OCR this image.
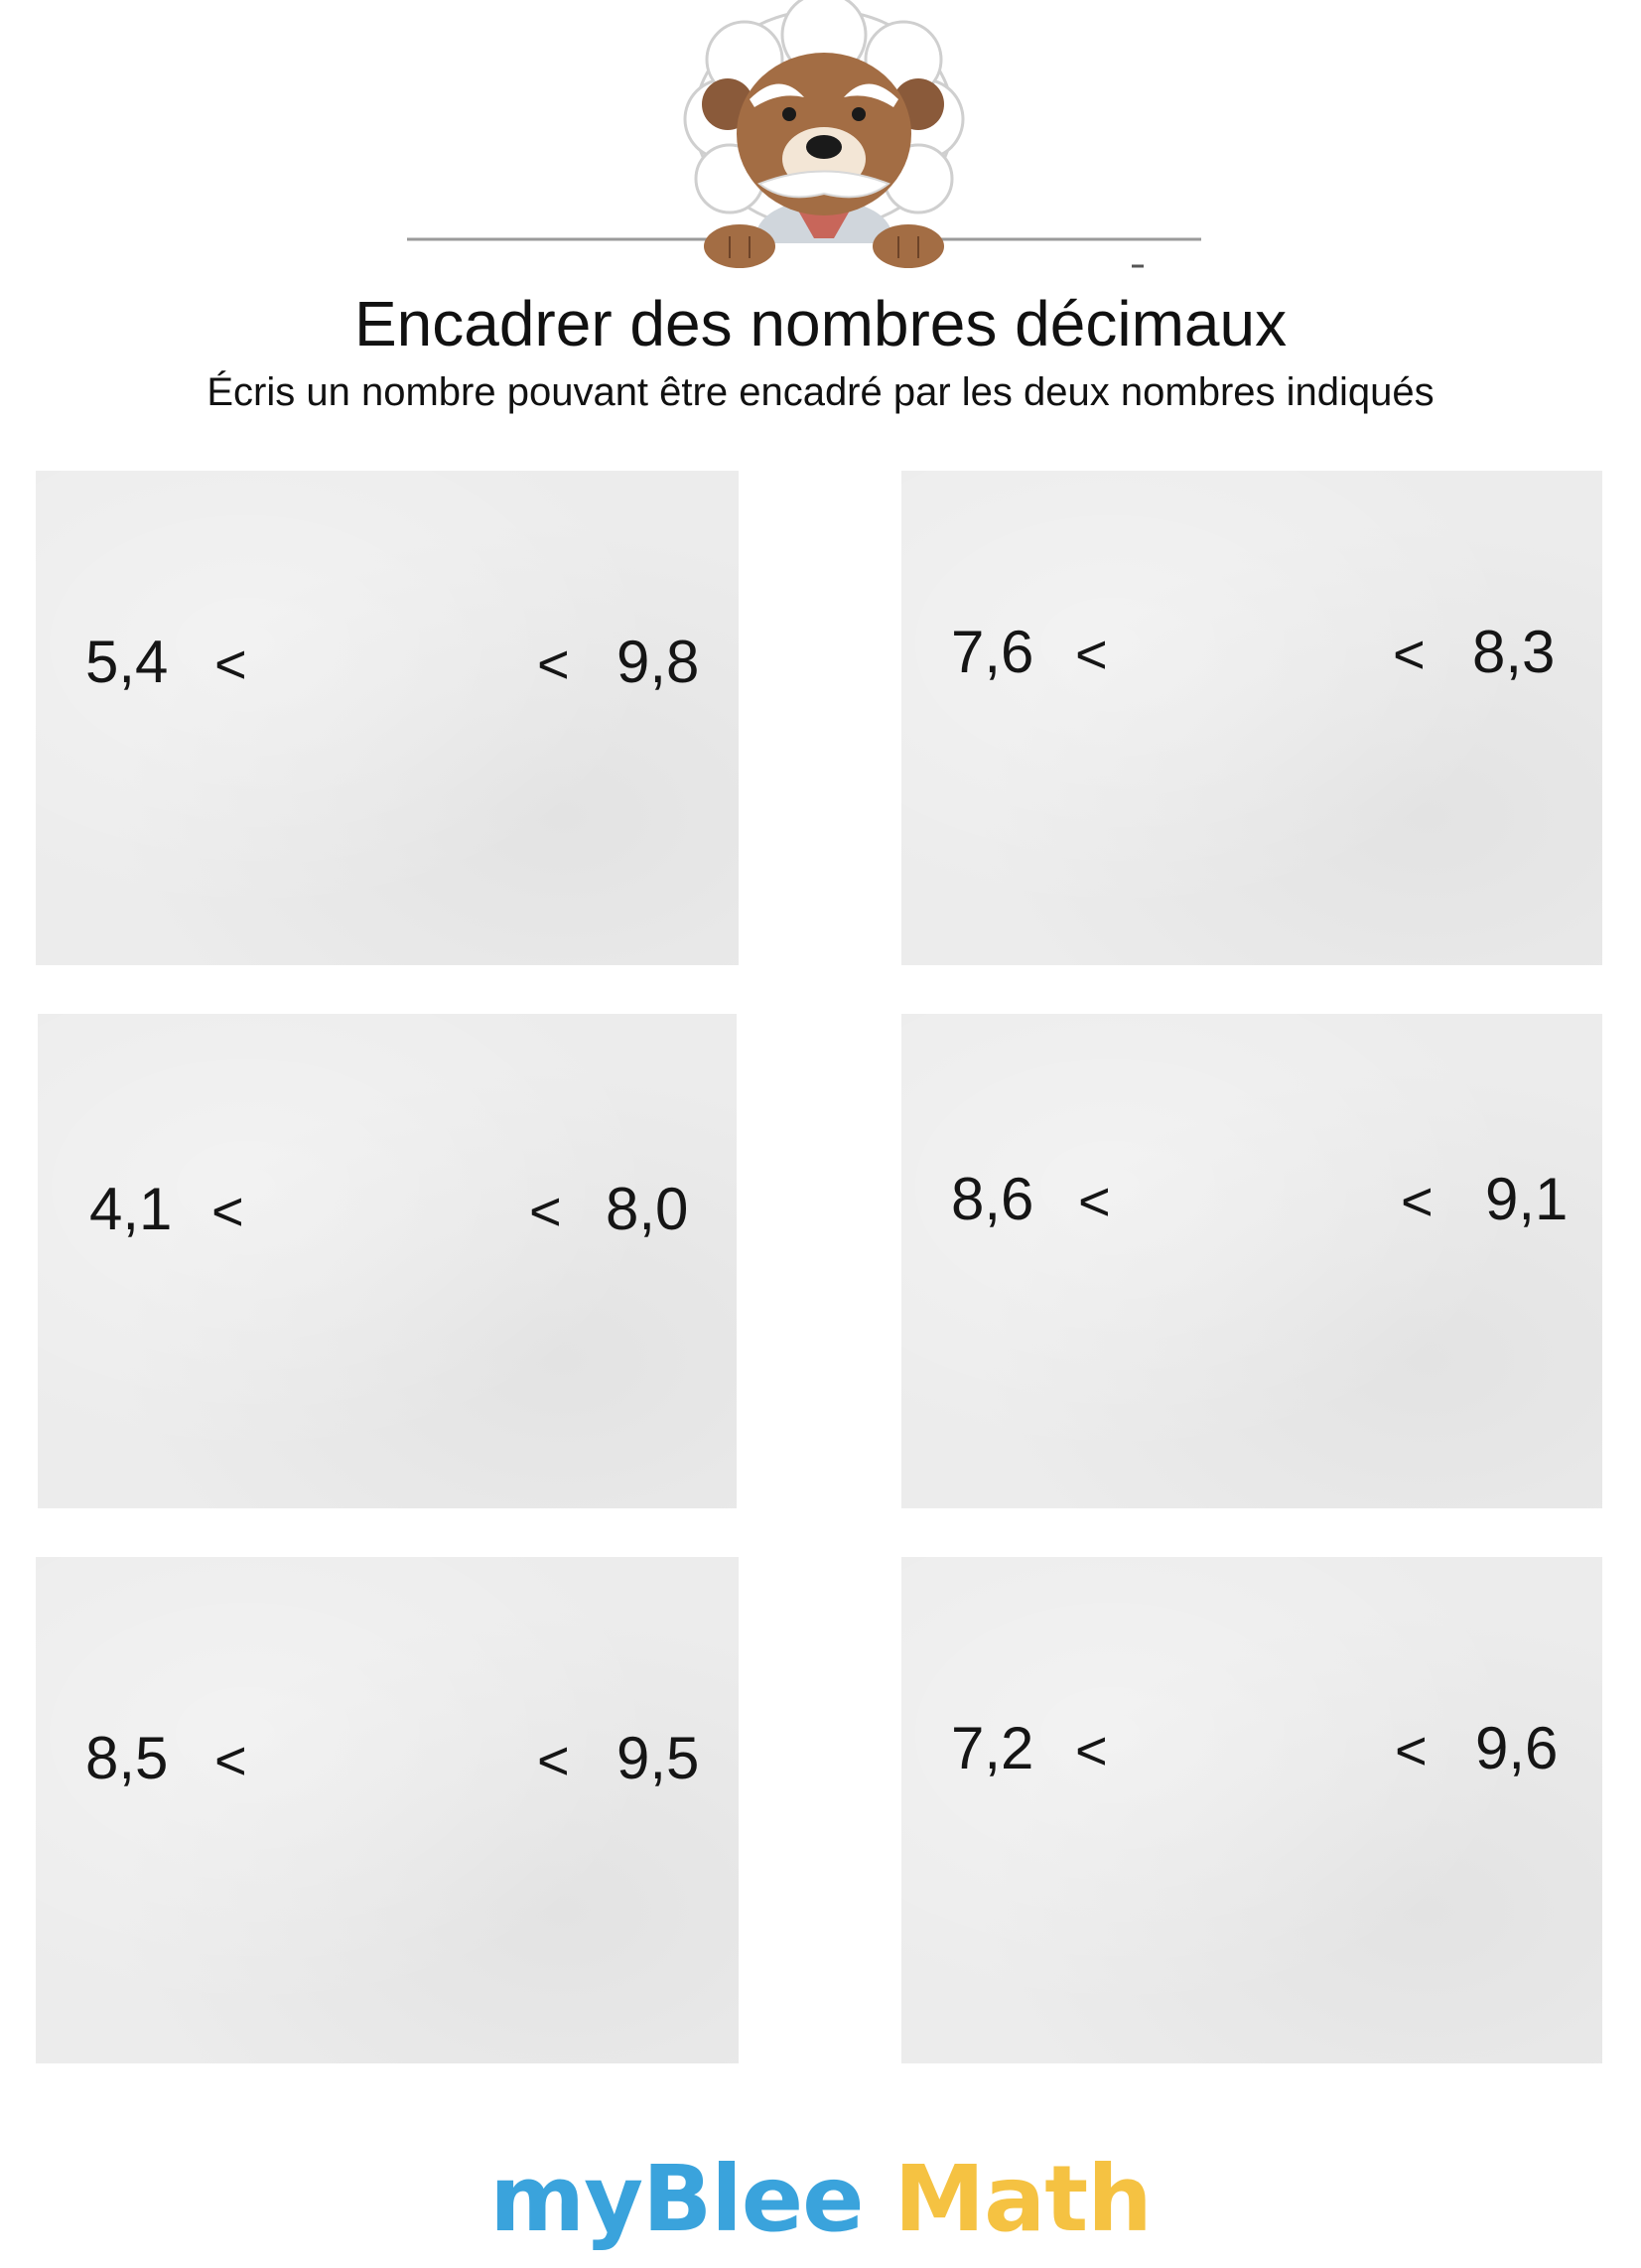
Encadrer des nombres décimaux
Écris un nombre pouvant être encadré par les deux nombres indiqués
5,4 <	< 9,8	7,6 <	< 8,3
4,1 <	< 8,0	8,6 <	< 9,1
8,5 <	< 9,5	7,2 <	< 9,6
myBlee Math
